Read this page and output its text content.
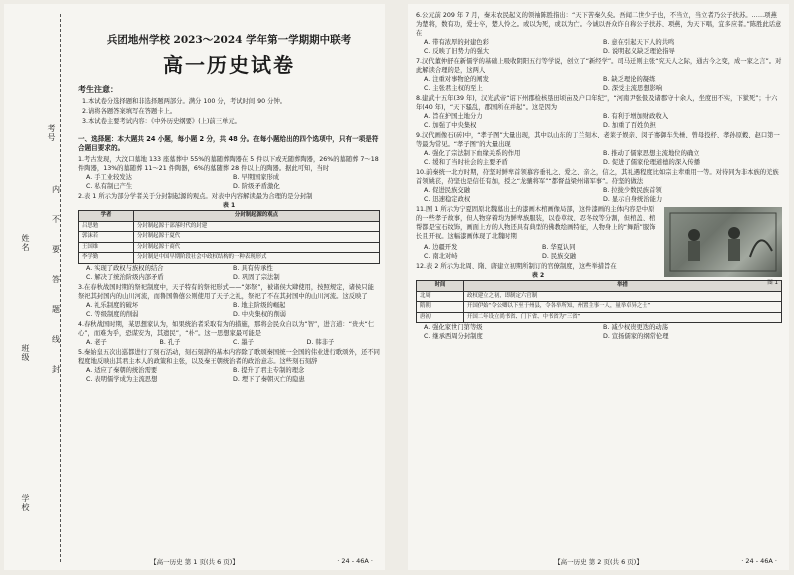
考号
姓名
班级
学校
内
不
要
答
题
线
封
兵团地州学校 2023～2024 学年第一学期期中联考
高一历史试卷
考生注意：
1.本试卷分选择题和非选择题两部分。满分 100 分，考试时间 90 分钟。
2.请将各题答案填写在答题卡上。
3.本试卷主要考试内容：《中外历史纲要》(上)前三单元。
一、选择题：本大题共 24 小题，每小题 2 分，共 48 分。在每小题给出的四个选项中，只有一项是符合题目要求的。
1.考古发现，大汶口墓地 133 座墓葬中 55%的墓随葬陶器在 5 件以下或无随葬陶器，26%的墓随葬 7～18 件陶器，13%的墓随葬 11～21 件陶器，6%的墓随葬 28 件以上的陶器。据此可知，当时
A. 手工业较发达	B. 早期国家形成
C. 私有制已产生	D. 阶级矛盾激化
2.表 1 所示为部分学者关于分封制起源的观点。对表中内容解读最为合理的是分封制
表 1
学者	分封制起源的观点
吕思勉	分封制起源于部落时代的封建
郭沫若	分封制起源于夏代
王国维	分封制起源于商代
李学勤	分封制是中国早期阶段社会中政权结构的一种表现形式
A. 实现了政权与族权的结合	B. 具有传承性
C. 解决了统治阶级内部矛盾	D. 巩固了宗法制
3.在春秋战国时期的祭祀制度中，天子特有的祭祀形式——“郊祭”，被诸侯大肆使用，按照规定，诸侯只能祭祀其封国内的山川河流，而鲁国鲁僖公则使用了天子之礼，祭祀了不在其封国中的山川河流。这反映了
A. 礼乐制度的破坏	B. 地主阶级的崛起
C. 等级制度的削弱	D. 中央集权的削弱
4.春秋战国时期，某思想家认为，如果统治者采取有为的措施，那将会民众自以为“智”，进言道：“贵夫“仁心”，而难为乎，恐谋安为，其遗民”，“朴”。这一思想家最可能是
A. 老子	B. 孔子	C. 墨子	D. 韩非子
5.秦始皇五次出巡都进行了刻石活动，刻石刻辞的基本内容除了歌颂秦国统一全国的伟业进行歌颂外，还不同程度地反映出其君主本人的政策和主张，以及秦王朝统治者的政治意志。这些刻石刻辞
A. 适应了秦朝的统治需要	B. 提升了君主专制的理念
C. 表明儒学成为主流思想	D. 埋下了秦朝灭亡的隐患
【高一历史 第 1 页(共 6 页)】	· 24 - 46A ·
6.公元前 209 年 7 月，秦末农民起义的领袖陈胜指出：“天下苦秦久矣。吾闻二世少子也，不当立，当立者乃公子扶苏。……项燕为楚将，数有功，爱士卒，楚人怜之。或以为死，或以为亡。今诚以吾众诈自称公子扶苏、项燕，为天下唱，宜多应者。”陈胜此话意在
A. 带有浓厚的封建色彩	B. 意在引起天下人的共鸣
C. 反映了旧势力的强大	D. 说明起义缺乏理论指导
7.汉代董仲舒在新儒学的基础上吸收阴阳五行等学说，创立了“新经学”。司马迁则主张“究天人之际，通古今之变，成一家之言”。对此解读合理的是，这两人
A. 注重对事物论的阐发	B. 缺乏理论的凝练
C. 主张君主权的至上	D. 深受主流思想影响
8.建武十五年(39 年)，汉光武帝“诏下州郡检核垦田顷亩及户口年纪”，“河南尹张伋及诸郡守十余人，坐度田不实，下狱死”；十六年(40 年)，“天下骚乱，郡国所在并起”。这是因为
A. 旨在护国土地分力	B. 有利于增加财政收入
C. 加强了中央集权	D. 加重了百姓负担
9.汉代画像石(砖)中，“孝子图”大量出现，其中以山东的丁兰刻木、老莱子娱亲、闵子骞御车失棰、曾母投杼、孝孙原穀、赵口第一等最为常见。“孝子图”的大量出现
A. 强化了宗法制下血缘关系的作用	B. 推动了儒家思想主流地位的确立
C. 缓和了当时社会的主要矛盾	D. 促进了儒家伦理道德的深入传播
10.前秦统一北方时期，苻坚对鲜卑首领慕容垂礼之、爱之、亲之，信之，其礼遇程度比如宗主辈重用一等。对待同为非本族的羌族首领姚苌，苻坚也是信任有加，授之“龙骧将军”“都督益梁州诸军事”。苻坚的做法
A. 促进民族交融	B. 拉拢少数民族首领
C. 迅速稳定政权	D. 显示自身统治能力
图 1
11.图 1 所示为宁夏固原北魏墓出土的漆画木棺画像局部，这件漆画的主体内容是中原的一些孝子故事，但人物穿着均为鲜卑族服装，以卷草纹、忍冬纹等分割，但棺盖、棺帮都是宝石纹饰，画面上方的人物还具有典型的佛教绘画特征，人物身上的“舞蹈”服饰长且开衩。这幅漆画体现了北魏时期
A. 边疆开发	B. 华夏认同
C. 南北对峙	D. 民族交融
12.表 2 所示为北周、隋、唐建立初期所制订的官僚制度，这些举措旨在
表 2
时间	举措
北周	政权建立之初，即制定六官制
隋朝	开国伊始“令公卿以下至于州县，令各举所知，州置主事一人，量举卓异之士”
唐初	开国二年设立尚书省、门下省、中书省为“三省”
A. 强化家世门第等级	B. 减少权贵更迭的动荡
C. 继承西周分封制度	D. 宣扬儒家的纲常伦理
【高一历史 第 2 页(共 6 页)】	· 24 - 46A ·
